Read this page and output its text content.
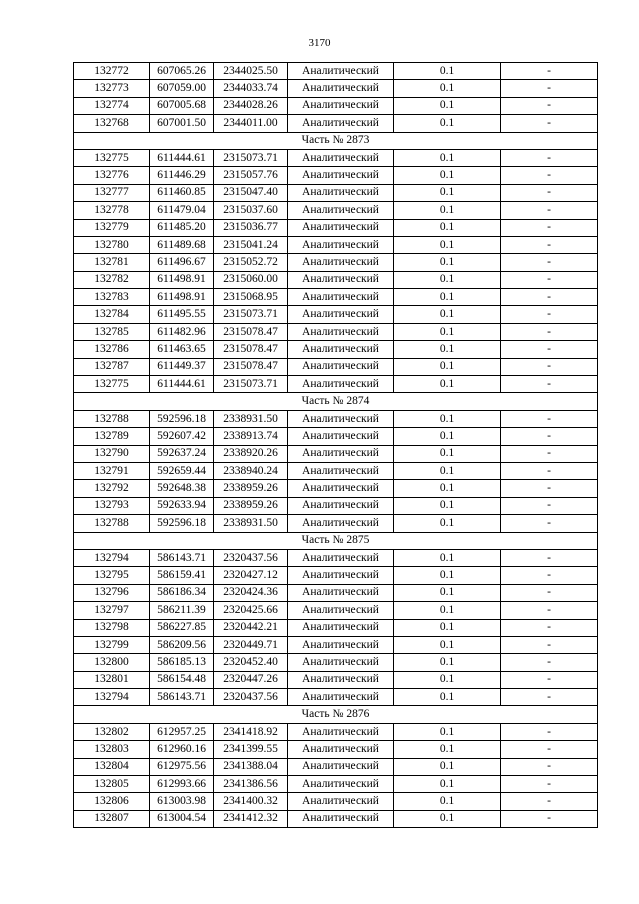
3170
132772	607065.26	2344025.50	Аналитический	0.1	-
132773	607059.00	2344033.74	Аналитический	0.1	-
132774	607005.68	2344028.26	Аналитический	0.1	-
132768	607001.50	2344011.00	Аналитический	0.1	-
Часть № 2873					
132775	611444.61	2315073.71	Аналитический	0.1	-
132776	611446.29	2315057.76	Аналитический	0.1	-
132777	611460.85	2315047.40	Аналитический	0.1	-
132778	611479.04	2315037.60	Аналитический	0.1	-
132779	611485.20	2315036.77	Аналитический	0.1	-
132780	611489.68	2315041.24	Аналитический	0.1	-
132781	611496.67	2315052.72	Аналитический	0.1	-
132782	611498.91	2315060.00	Аналитический	0.1	-
132783	611498.91	2315068.95	Аналитический	0.1	-
132784	611495.55	2315073.71	Аналитический	0.1	-
132785	611482.96	2315078.47	Аналитический	0.1	-
132786	611463.65	2315078.47	Аналитический	0.1	-
132787	611449.37	2315078.47	Аналитический	0.1	-
132775	611444.61	2315073.71	Аналитический	0.1	-
Часть № 2874					
132788	592596.18	2338931.50	Аналитический	0.1	-
132789	592607.42	2338913.74	Аналитический	0.1	-
132790	592637.24	2338920.26	Аналитический	0.1	-
132791	592659.44	2338940.24	Аналитический	0.1	-
132792	592648.38	2338959.26	Аналитический	0.1	-
132793	592633.94	2338959.26	Аналитический	0.1	-
132788	592596.18	2338931.50	Аналитический	0.1	-
Часть № 2875					
132794	586143.71	2320437.56	Аналитический	0.1	-
132795	586159.41	2320427.12	Аналитический	0.1	-
132796	586186.34	2320424.36	Аналитический	0.1	-
132797	586211.39	2320425.66	Аналитический	0.1	-
132798	586227.85	2320442.21	Аналитический	0.1	-
132799	586209.56	2320449.71	Аналитический	0.1	-
132800	586185.13	2320452.40	Аналитический	0.1	-
132801	586154.48	2320447.26	Аналитический	0.1	-
132794	586143.71	2320437.56	Аналитический	0.1	-
Часть № 2876					
132802	612957.25	2341418.92	Аналитический	0.1	-
132803	612960.16	2341399.55	Аналитический	0.1	-
132804	612975.56	2341388.04	Аналитический	0.1	-
132805	612993.66	2341386.56	Аналитический	0.1	-
132806	613003.98	2341400.32	Аналитический	0.1	-
132807	613004.54	2341412.32	Аналитический	0.1	-
